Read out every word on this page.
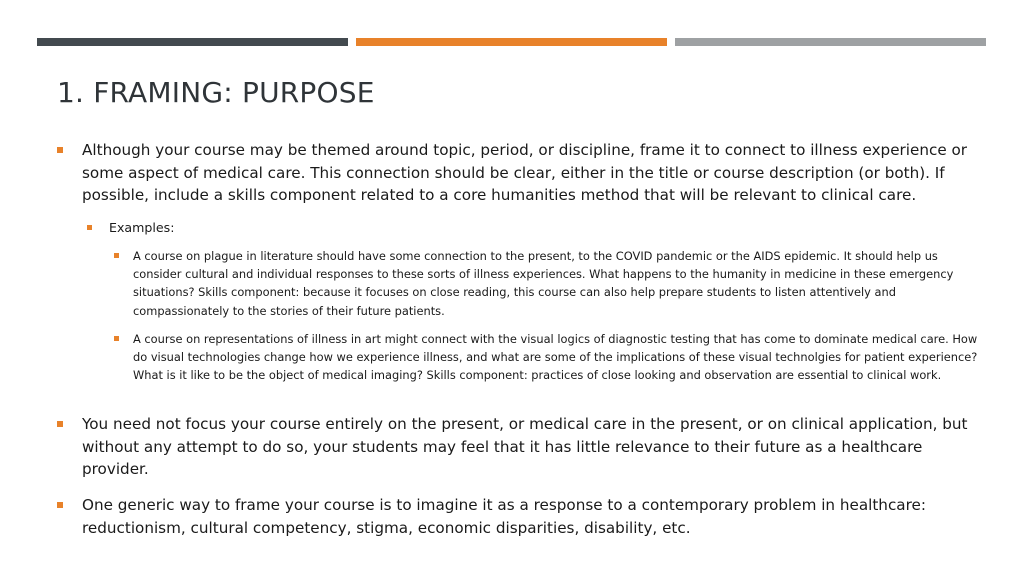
1. FRAMING: PURPOSE

Although your course may be themed around topic, period, or discipline, frame it to connect to illness experience or some aspect of medical care. This connection should be clear, either in the title or course description (or both). If possible, include a skills component related to a core humanities method that will be relevant to clinical care.

Examples:

A course on plague in literature should have some connection to the present, to the COVID pandemic or the AIDS epidemic. It should help us consider cultural and individual responses to these sorts of illness experiences. What happens to the humanity in medicine in these emergency situations? Skills component: because it focuses on close reading, this course can also help prepare students to listen attentively and compassionately to the stories of their future patients.

A course on representations of illness in art might connect with the visual logics of diagnostic testing that has come to dominate medical care. How do visual technologies change how we experience illness, and what are some of the implications of these visual technolgies for patient experience? What is it like to be the object of medical imaging? Skills component: practices of close looking and observation are essential to clinical work.

You need not focus your course entirely on the present, or medical care in the present, or on clinical application, but without any attempt to do so, your students may feel that it has little relevance to their future as a healthcare provider.

One generic way to frame your course is to imagine it as a response to a contemporary problem in healthcare: reductionism, cultural competency, stigma, economic disparities, disability, etc.
